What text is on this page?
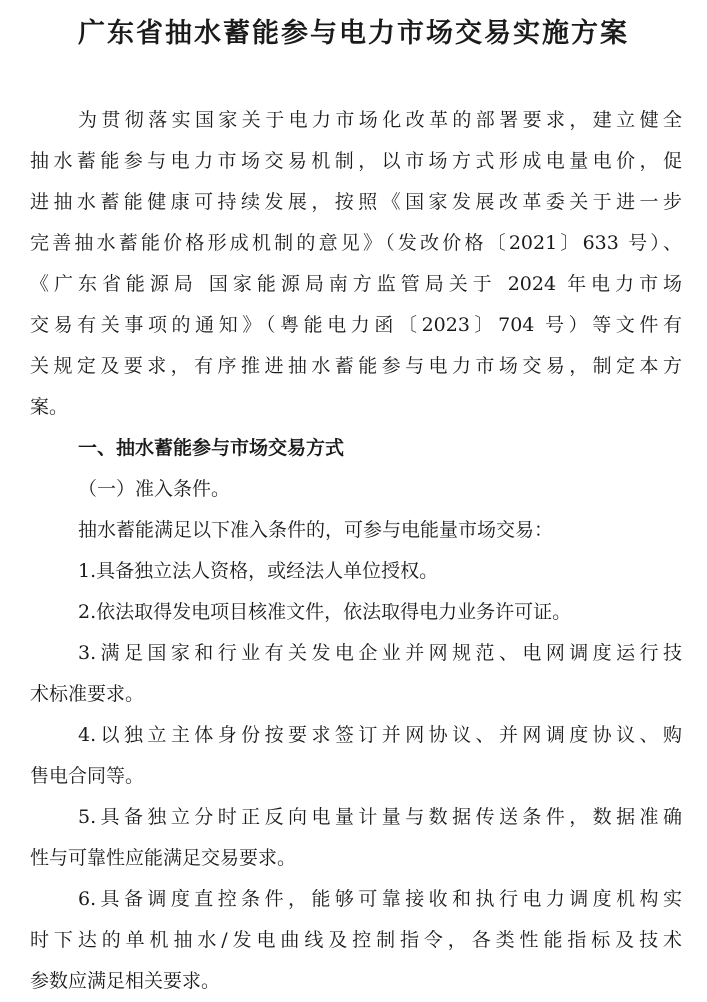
广东省抽水蓄能参与电力市场交易实施方案
为贯彻落实国家关于电力市场化改革的部署要求，建立健全
抽水蓄能参与电力市场交易机制，以市场方式形成电量电价，促
进抽水蓄能健康可持续发展，按照《国家发展改革委关于进一步
完善抽水蓄能价格形成机制的意见》（发改价格〔2021〕633 号）、
《广东省能源局 国家能源局南方监管局关于 2024 年电力市场
交易有关事项的通知》（粤能电力函〔2023〕704 号）等文件有
关规定及要求，有序推进抽水蓄能参与电力市场交易，制定本方
案。
一、抽水蓄能参与市场交易方式
（一）准入条件。
抽水蓄能满足以下准入条件的，可参与电能量市场交易：
1.具备独立法人资格，或经法人单位授权。
2.依法取得发电项目核准文件，依法取得电力业务许可证。
3.满足国家和行业有关发电企业并网规范、电网调度运行技
术标准要求。
4.以独立主体身份按要求签订并网协议、并网调度协议、购
售电合同等。
5.具备独立分时正反向电量计量与数据传送条件，数据准确
性与可靠性应能满足交易要求。
6.具备调度直控条件，能够可靠接收和执行电力调度机构实
时下达的单机抽水/发电曲线及控制指令，各类性能指标及技术
参数应满足相关要求。
